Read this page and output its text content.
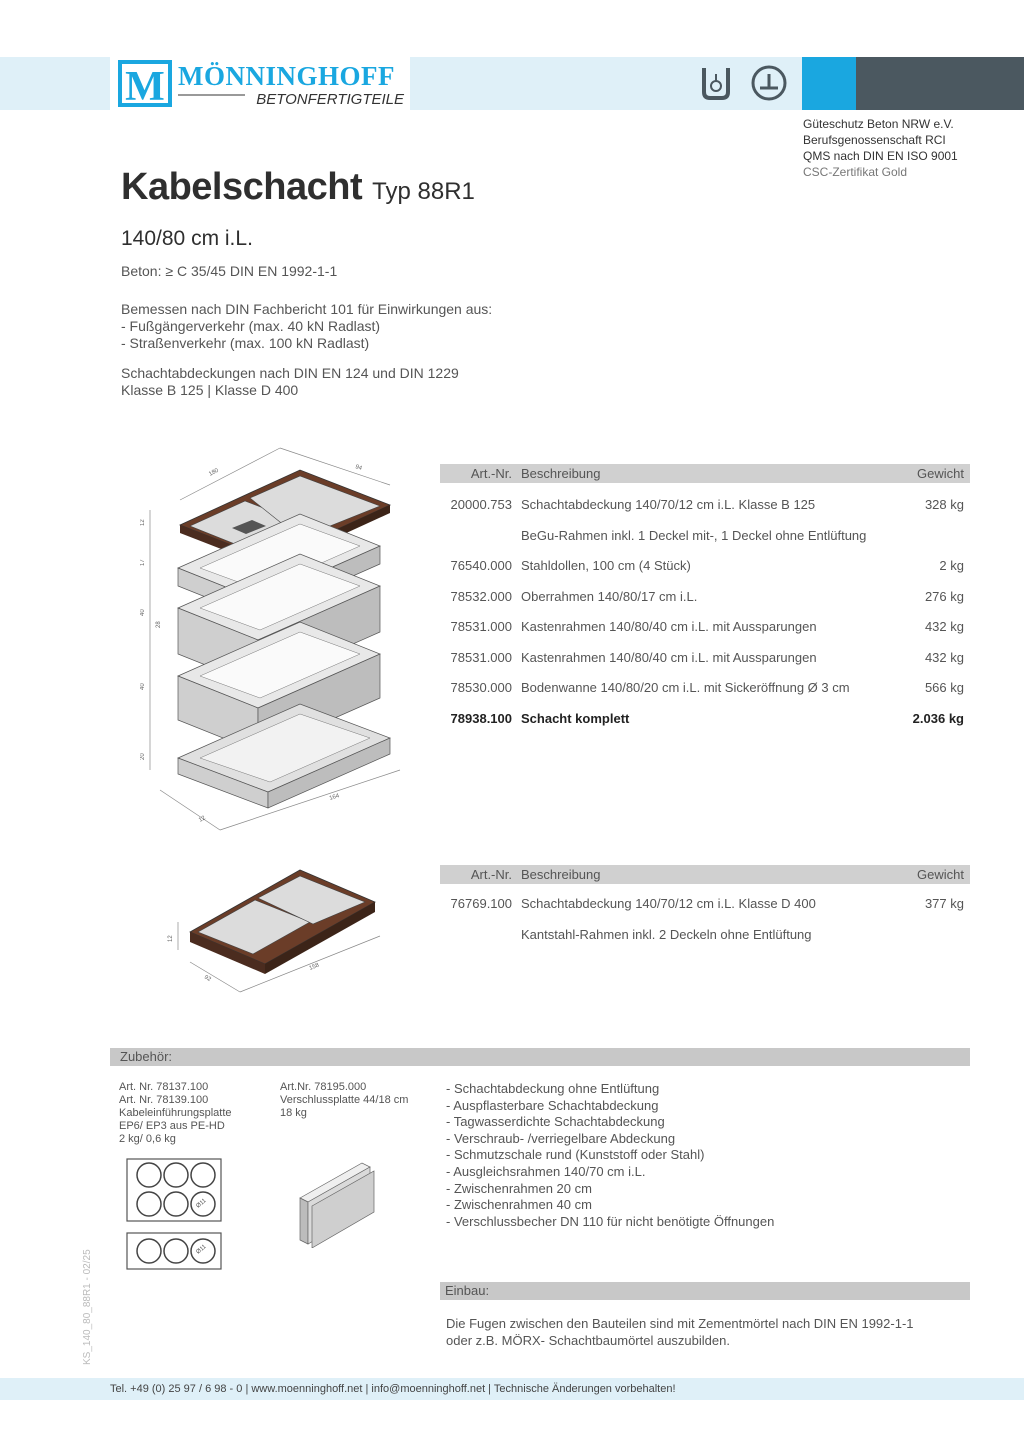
M MÖNNINGHOFF
BETONFERTIGTEILE
Güteschutz Beton NRW e.V.
Berufsgenossenschaft RCI
QMS nach DIN EN ISO 9001
CSC-Zertifikat Gold
Kabelschacht Typ 88R1
140/80 cm i.L.
Beton: ≥ C 35/45 DIN EN 1992-1-1
Bemessen nach DIN Fachbericht 101 für Einwirkungen aus:
- Fußgängerverkehr (max. 40 kN Radlast)
- Straßenverkehr (max. 100 kN Radlast)
Schachtabdeckungen nach DIN EN 124 und DIN 1229
Klasse B 125 | Klasse D 400
180	94
12
17
40
28
40
20
12
164
Art.-Nr. Beschreibung	Gewicht
20000.753 Schachtabdeckung 140/70/12 cm i.L. Klasse B 125	328 kg
BeGu-Rahmen inkl. 1 Deckel mit-, 1 Deckel ohne Entlüftung
76540.000 Stahldollen, 100 cm (4 Stück)	2 kg
78532.000 Oberrahmen 140/80/17 cm i.L.	276 kg
78531.000 Kastenrahmen 140/80/40 cm i.L. mit Aussparungen	432 kg
78531.000 Kastenrahmen 140/80/40 cm i.L. mit Aussparungen	432 kg
78530.000 Bodenwanne 140/80/20 cm i.L. mit Sickeröffnung Ø 3 cm	566 kg
78938.100 Schacht komplett	2.036 kg
12
92
158
Art.-Nr. Beschreibung	Gewicht
76769.100 Schachtabdeckung 140/70/12 cm i.L. Klasse D 400	377 kg
Kantstahl-Rahmen inkl. 2 Deckeln ohne Entlüftung
Zubehör:
Art. Nr. 78137.100
Art. Nr. 78139.100
Kabeleinführungsplatte
EP6/ EP3 aus PE-HD
2 kg/ 0,6 kg
Art.Nr. 78195.000
Verschlussplatte 44/18 cm
18 kg
Ø11
Ø11
- Schachtabdeckung ohne Entlüftung
- Auspflasterbare Schachtabdeckung
- Tagwasserdichte Schachtabdeckung
- Verschraub- /verriegelbare Abdeckung
- Schmutzschale rund (Kunststoff oder Stahl)
- Ausgleichsrahmen 140/70 cm i.L.
- Zwischenrahmen 20 cm
- Zwischenrahmen 40 cm
- Verschlussbecher DN 110 für nicht benötigte Öffnungen
Einbau:
Die Fugen zwischen den Bauteilen sind mit Zementmörtel nach DIN EN 1992-1-1
oder z.B. MÖRX- Schachtbaumörtel auszubilden.
KS_140_80_88R1 - 02/25
Tel. +49 (0) 25 97 / 6 98 - 0 | www.moenninghoff.net | info@moenninghoff.net | Technische Änderungen vorbehalten!
